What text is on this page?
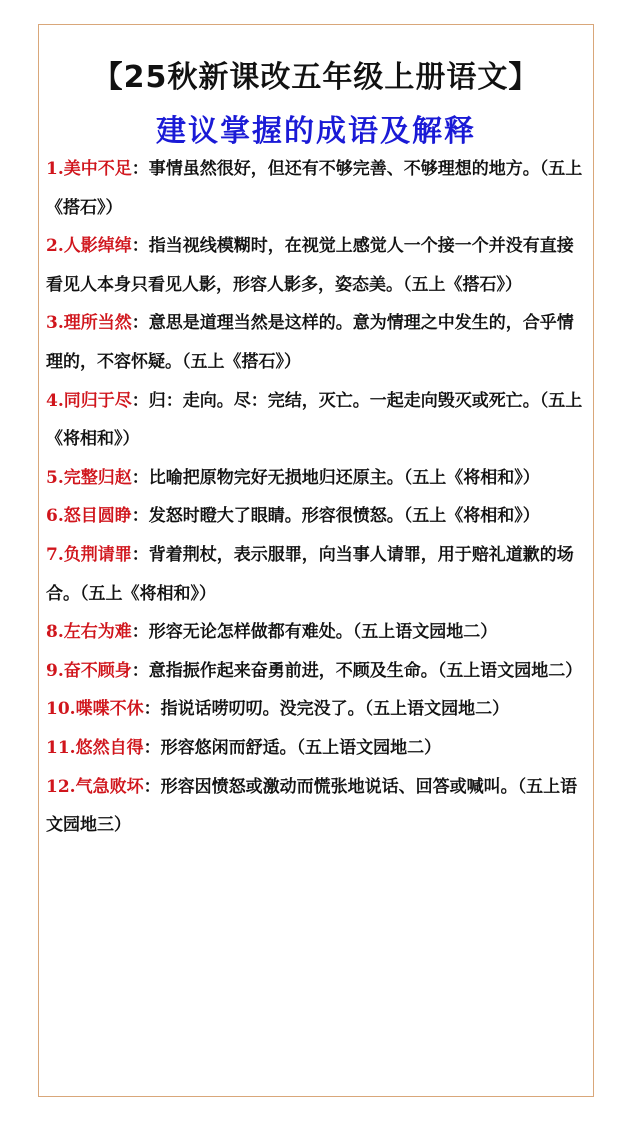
【25秋新课改五年级上册语文】
建议掌握的成语及解释

1.美中不足：事情虽然很好，但还有不够完善、不够理想的地方。（五上《搭石》）

2.人影绰绰：指当视线模糊时，在视觉上感觉人一个接一个并没有直接看见人本身只看见人影，形容人影多，姿态美。（五上《搭石》）

3.理所当然：意思是道理当然是这样的。意为情理之中发生的，合乎情理的，不容怀疑。（五上《搭石》）

4.同归于尽：归：走向。尽：完结，灭亡。一起走向毁灭或死亡。（五上《将相和》）

5.完整归赵：比喻把原物完好无损地归还原主。（五上《将相和》）

6.怒目圆睁：发怒时瞪大了眼睛。形容很愤怒。（五上《将相和》）

7.负荆请罪：背着荆杖，表示服罪，向当事人请罪，用于赔礼道歉的场合。（五上《将相和》）

8.左右为难：形容无论怎样做都有难处。（五上语文园地二）

9.奋不顾身：意指振作起来奋勇前进，不顾及生命。（五上语文园地二）

10.喋喋不休：指说话唠叨叨。没完没了。（五上语文园地二）

11.悠然自得：形容悠闲而舒适。（五上语文园地二）

12.气急败坏：形容因愤怒或激动而慌张地说话、回答或喊叫。（五上语文园地三）
